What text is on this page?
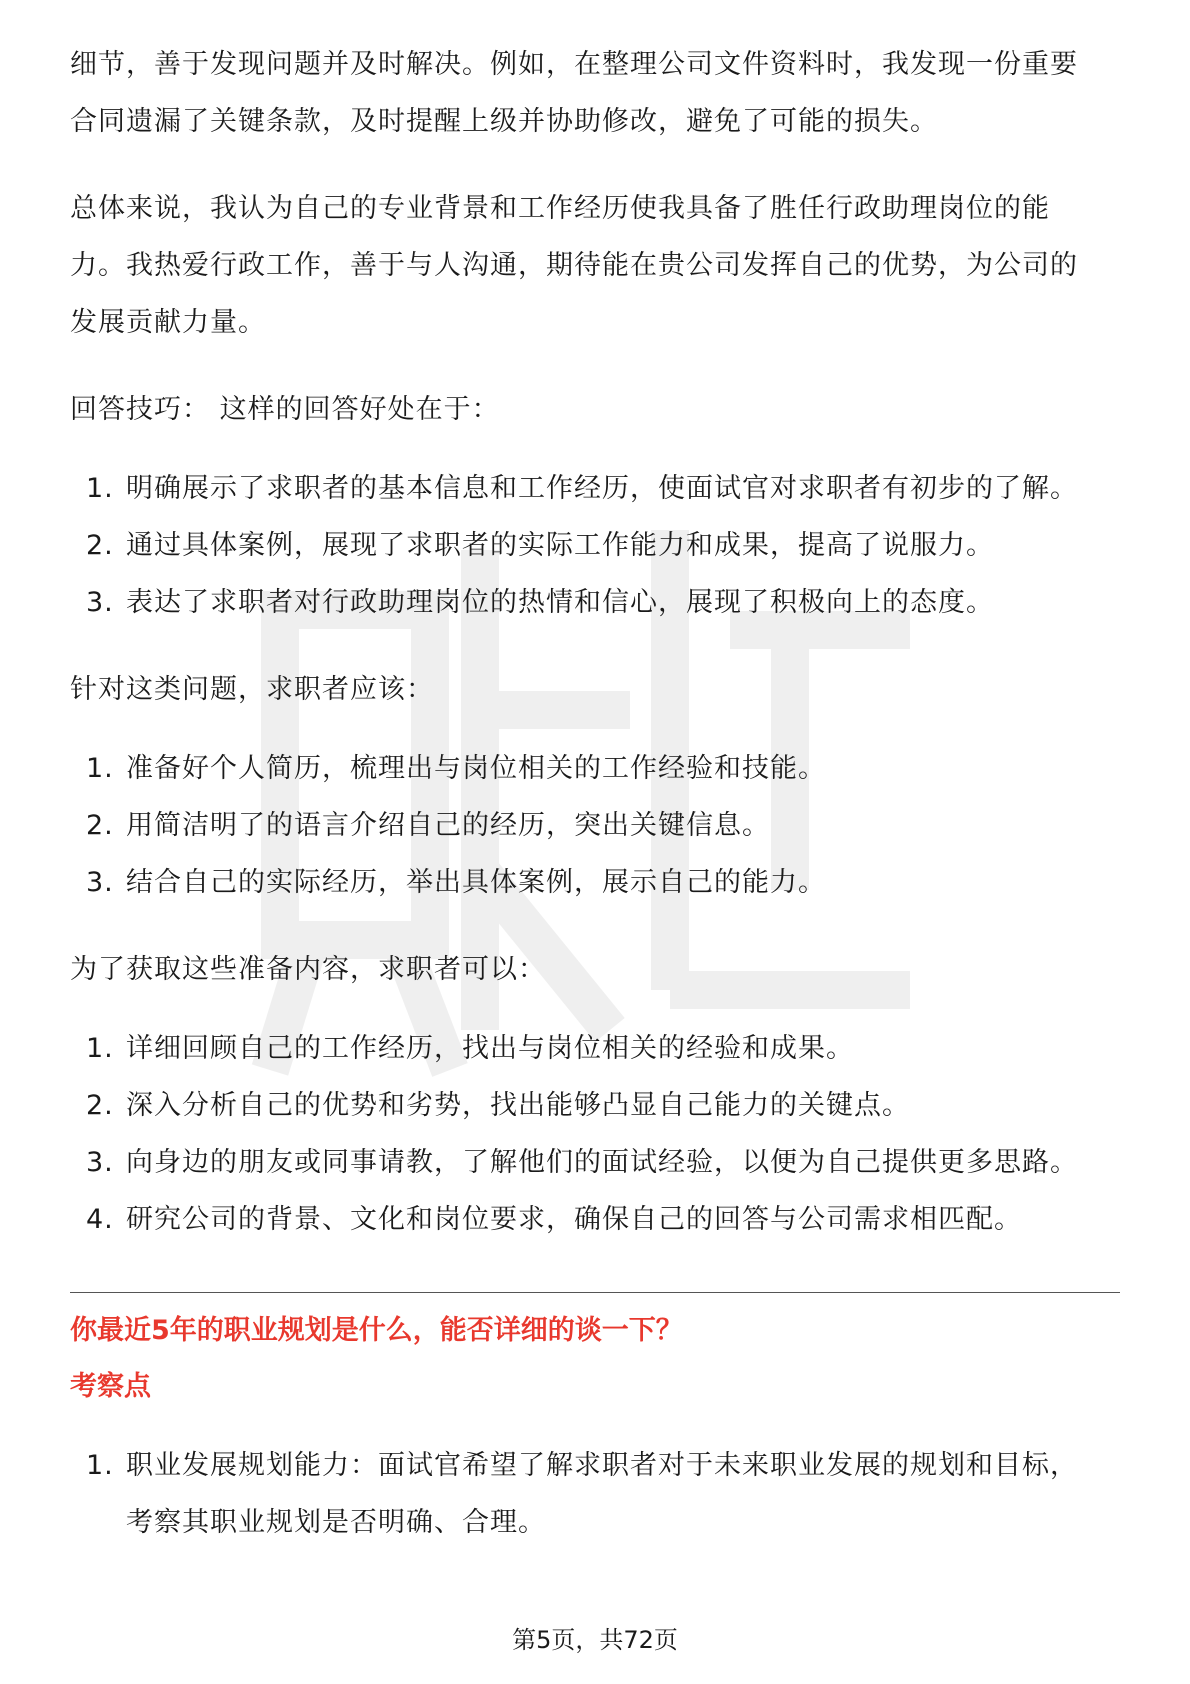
细节，善于发现问题并及时解决。例如，在整理公司文件资料时，我发现一份重要

合同遗漏了关键条款，及时提醒上级并协助修改，避免了可能的损失。

总体来说，我认为自己的专业背景和工作经历使我具备了胜任行政助理岗位的能

力。我热爱行政工作，善于与人沟通，期待能在贵公司发挥自己的优势，为公司的

发展贡献力量。

回答技巧： 这样的回答好处在于：

1. 明确展示了求职者的基本信息和工作经历，使面试官对求职者有初步的了解。
2. 通过具体案例，展现了求职者的实际工作能力和成果，提高了说服力。
3. 表达了求职者对行政助理岗位的热情和信心，展现了积极向上的态度。

针对这类问题，求职者应该：

1. 准备好个人简历，梳理出与岗位相关的工作经验和技能。
2. 用简洁明了的语言介绍自己的经历，突出关键信息。
3. 结合自己的实际经历，举出具体案例，展示自己的能力。

为了获取这些准备内容，求职者可以：

1. 详细回顾自己的工作经历，找出与岗位相关的经验和成果。
2. 深入分析自己的优势和劣势，找出能够凸显自己能力的关键点。
3. 向身边的朋友或同事请教，了解他们的面试经验，以便为自己提供更多思路。
4. 研究公司的背景、文化和岗位要求，确保自己的回答与公司需求相匹配。

你最近5年的职业规划是什么，能否详细的谈一下？

考察点

1. 职业发展规划能力：面试官希望了解求职者对于未来职业发展的规划和目标，
考察其职业规划是否明确、合理。
第5页，共72页
